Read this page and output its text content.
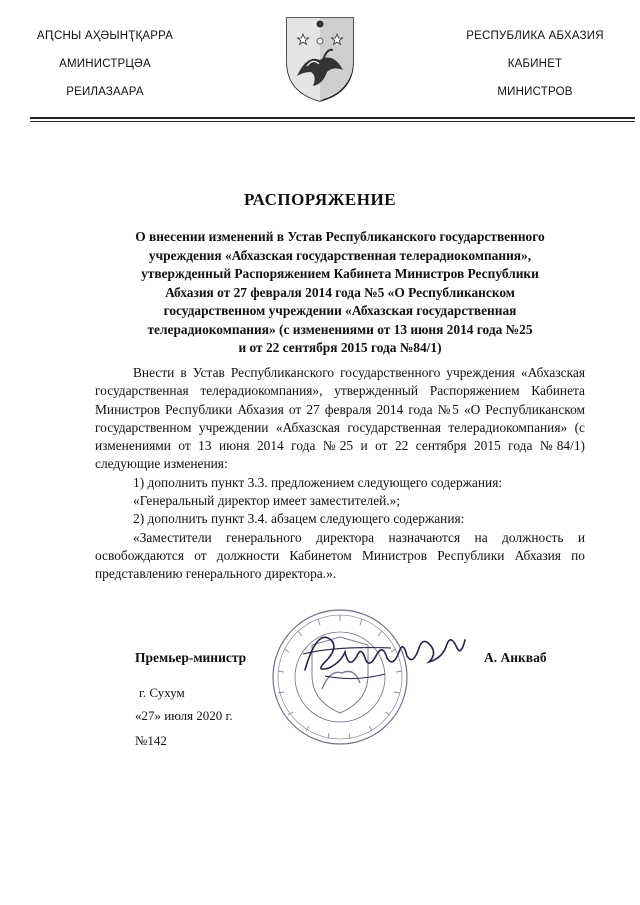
АԤСНЫ АҲӘЫНҬҚАРРА
АМИНИСТРЦӘА
РЕИЛАЗААРА
РЕСПУБЛИКА АБХАЗИЯ
КАБИНЕТ
МИНИСТРОВ
РАСПОРЯЖЕНИЕ
О внесении изменений в Устав Республиканского государственного
учреждения «Абхазская государственная телерадиокомпания»,
утвержденный Распоряжением Кабинета Министров Республики
Абхазия от 27 февраля 2014 года №5 «О Республиканском
государственном учреждении «Абхазская государственная
телерадиокомпания» (с изменениями от 13 июня 2014 года №25
и от 22 сентября 2015 года №84/1)

Внести в Устав Республиканского государственного учреждения «Абхазская государственная телерадиокомпания», утвержденный Распоряжением Кабинета Министров Республики Абхазия от 27 февраля 2014 года №5 «О Республиканском государственном учреждении «Абхазская государственная телерадиокомпания» (с изменениями от 13 июня 2014 года №25 и от 22 сентября 2015 года №84/1) следующие изменения:

1) дополнить пункт 3.3. предложением следующего содержания:

«Генеральный директор имеет заместителей.»;

2) дополнить пункт 3.4. абзацем следующего содержания:

«Заместители генерального директора назначаются на должность и освобождаются от должности Кабинетом Министров Республики Абхазия по представлению генерального директора.».

Премьер-министр	А. Анкваб
г. Сухум
«27» июля 2020 г.
№142
